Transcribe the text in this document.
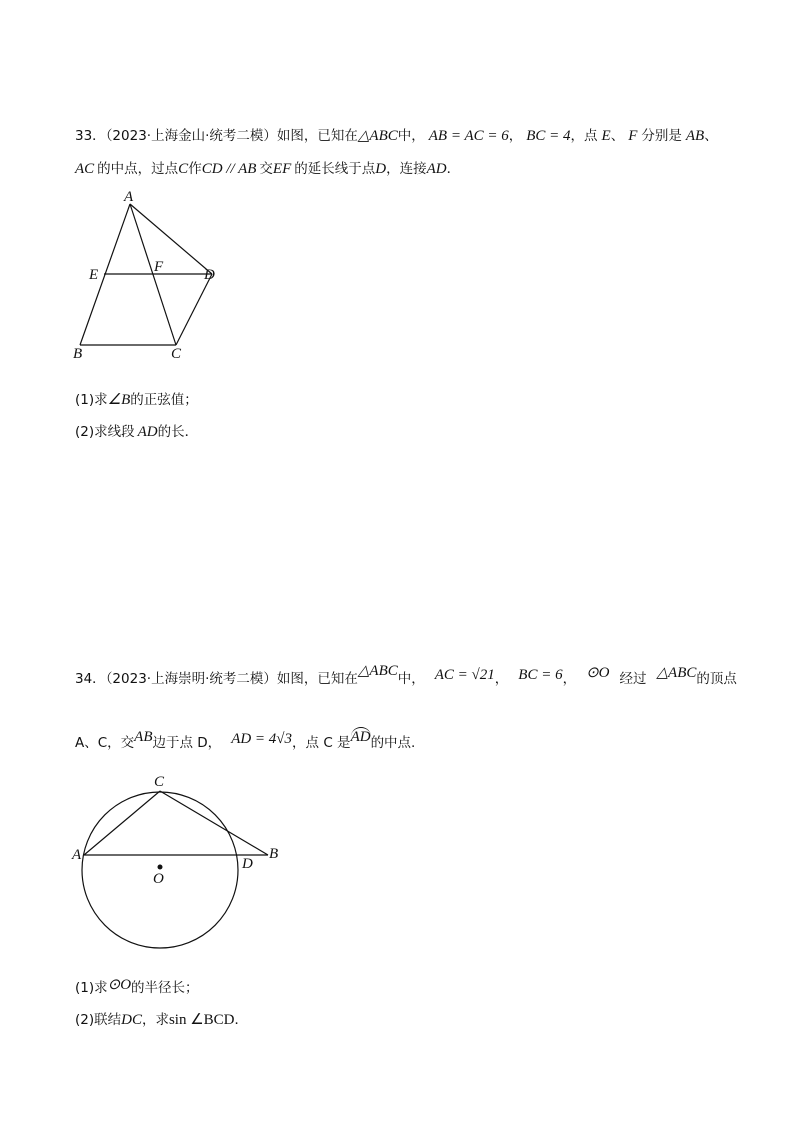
33．（2023·上海金山·统考二模）如图，已知在△ABC中， AB = AC = 6， BC = 4，点 E、 F 分别是 AB、
AC 的中点，过点C作CD // AB 交EF 的延长线于点D，连接AD．
A
E	F	D
B	C
(1)求∠B的正弦值；
(2)求线段 AD的长．
34．（2023·上海崇明·统考二模）如图，已知在△ABC中， AC = √21， BC = 6， ⊙O 经过 △ABC的顶点
A、C，交AB边于点 D， AD = 4√3，点 C 是AD的中点.
C
A
D
B
O
(1)求⊙O的半径长；
(2)联结DC，求sin ∠BCD．
